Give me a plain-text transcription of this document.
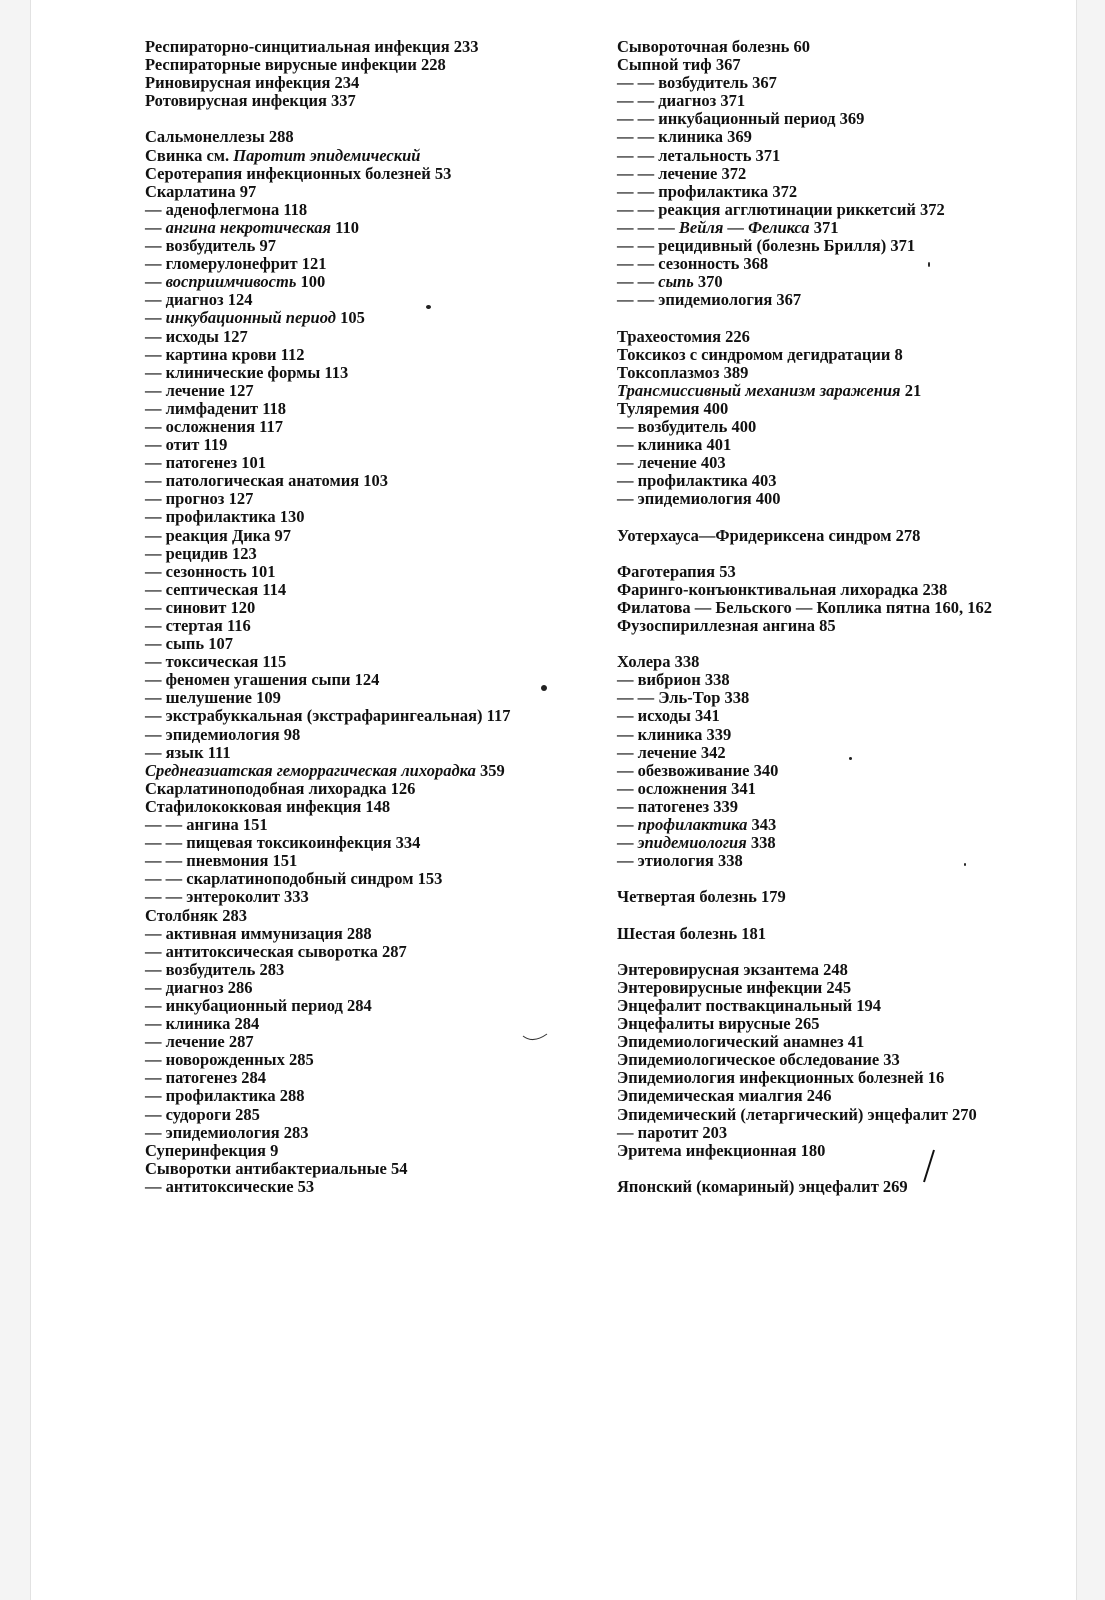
Респираторно-синцитиальная инфекция 233
Респираторные вирусные инфекции 228
Риновирусная инфекция 234
Ротовирусная инфекция 337
Сальмонеллезы 288
Свинка см. Паротит эпидемический
Серотерапия инфекционных болезней 53
Скарлатина 97
— аденофлегмона 118
— ангина некротическая 110
— возбудитель 97
— гломерулонефрит 121
— восприимчивость 100
— диагноз 124
— инкубационный период 105
— исходы 127
— картина крови 112
— клинические формы 113
— лечение 127
— лимфаденит 118
— осложнения 117
— отит 119
— патогенез 101
— патологическая анатомия 103
— прогноз 127
— профилактика 130
— реакция Дика 97
— рецидив 123
— сезонность 101
— септическая 114
— синовит 120
— стертая 116
— сыпь 107
— токсическая 115
— феномен угашения сыпи 124
— шелушение 109
— экстрабуккальная (экстрафарингеальная) 117
— эпидемиология 98
— язык 111
Среднеазиатская геморрагическая лихорадка 359
Скарлатиноподобная лихорадка 126
Стафилококковая инфекция 148
— — ангина 151
— — пищевая токсикоинфекция 334
— — пневмония 151
— — скарлатиноподобный синдром 153
— — энтероколит 333
Столбняк 283
— активная иммунизация 288
— антитоксическая сыворотка 287
— возбудитель 283
— диагноз 286
— инкубационный период 284
— клиника 284
— лечение 287
— новорожденных 285
— патогенез 284
— профилактика 288
— судороги 285
— эпидемиология 283
Суперинфекция 9
Сыворотки антибактериальные 54
— антитоксические 53
Сывороточная болезнь 60
Сыпной тиф 367
— — возбудитель 367
— — диагноз 371
— — инкубационный период 369
— — клиника 369
— — летальность 371
— — лечение 372
— — профилактика 372
— — реакция агглютинации риккетсий 372
— — — Вейля — Феликса 371
— — рецидивный (болезнь Брилля) 371
— — сезонность 368
— — сыпь 370
— — эпидемиология 367
Трахеостомия 226
Токсикоз с синдромом дегидратации 8
Токсоплазмоз 389
Трансмиссивный механизм заражения 21
Туляремия 400
— возбудитель 400
— клиника 401
— лечение 403
— профилактика 403
— эпидемиология 400
Уотерхауса—Фридериксена синдром 278
Фаготерапия 53
Фаринго-конъюнктивальная лихорадка 238
Филатова — Бельского — Коплика пятна 160, 162
Фузоспириллезная ангина 85
Холера 338
— вибрион 338
— — Эль-Тор 338
— исходы 341
— клиника 339
— лечение 342
— обезвоживание 340
— осложнения 341
— патогенез 339
— профилактика 343
— эпидемиология 338
— этиология 338
Четвертая болезнь 179
Шестая болезнь 181
Энтеровирусная экзантема 248
Энтеровирусные инфекции 245
Энцефалит поствакцинальный 194
Энцефалиты вирусные 265
Эпидемиологический анамнез 41
Эпидемиологическое обследование 33
Эпидемиология инфекционных болезней 16
Эпидемическая миалгия 246
Эпидемический (летаргический) энцефалит 270
— паротит 203
Эритема инфекционная 180
Японский (комариный) энцефалит 269
